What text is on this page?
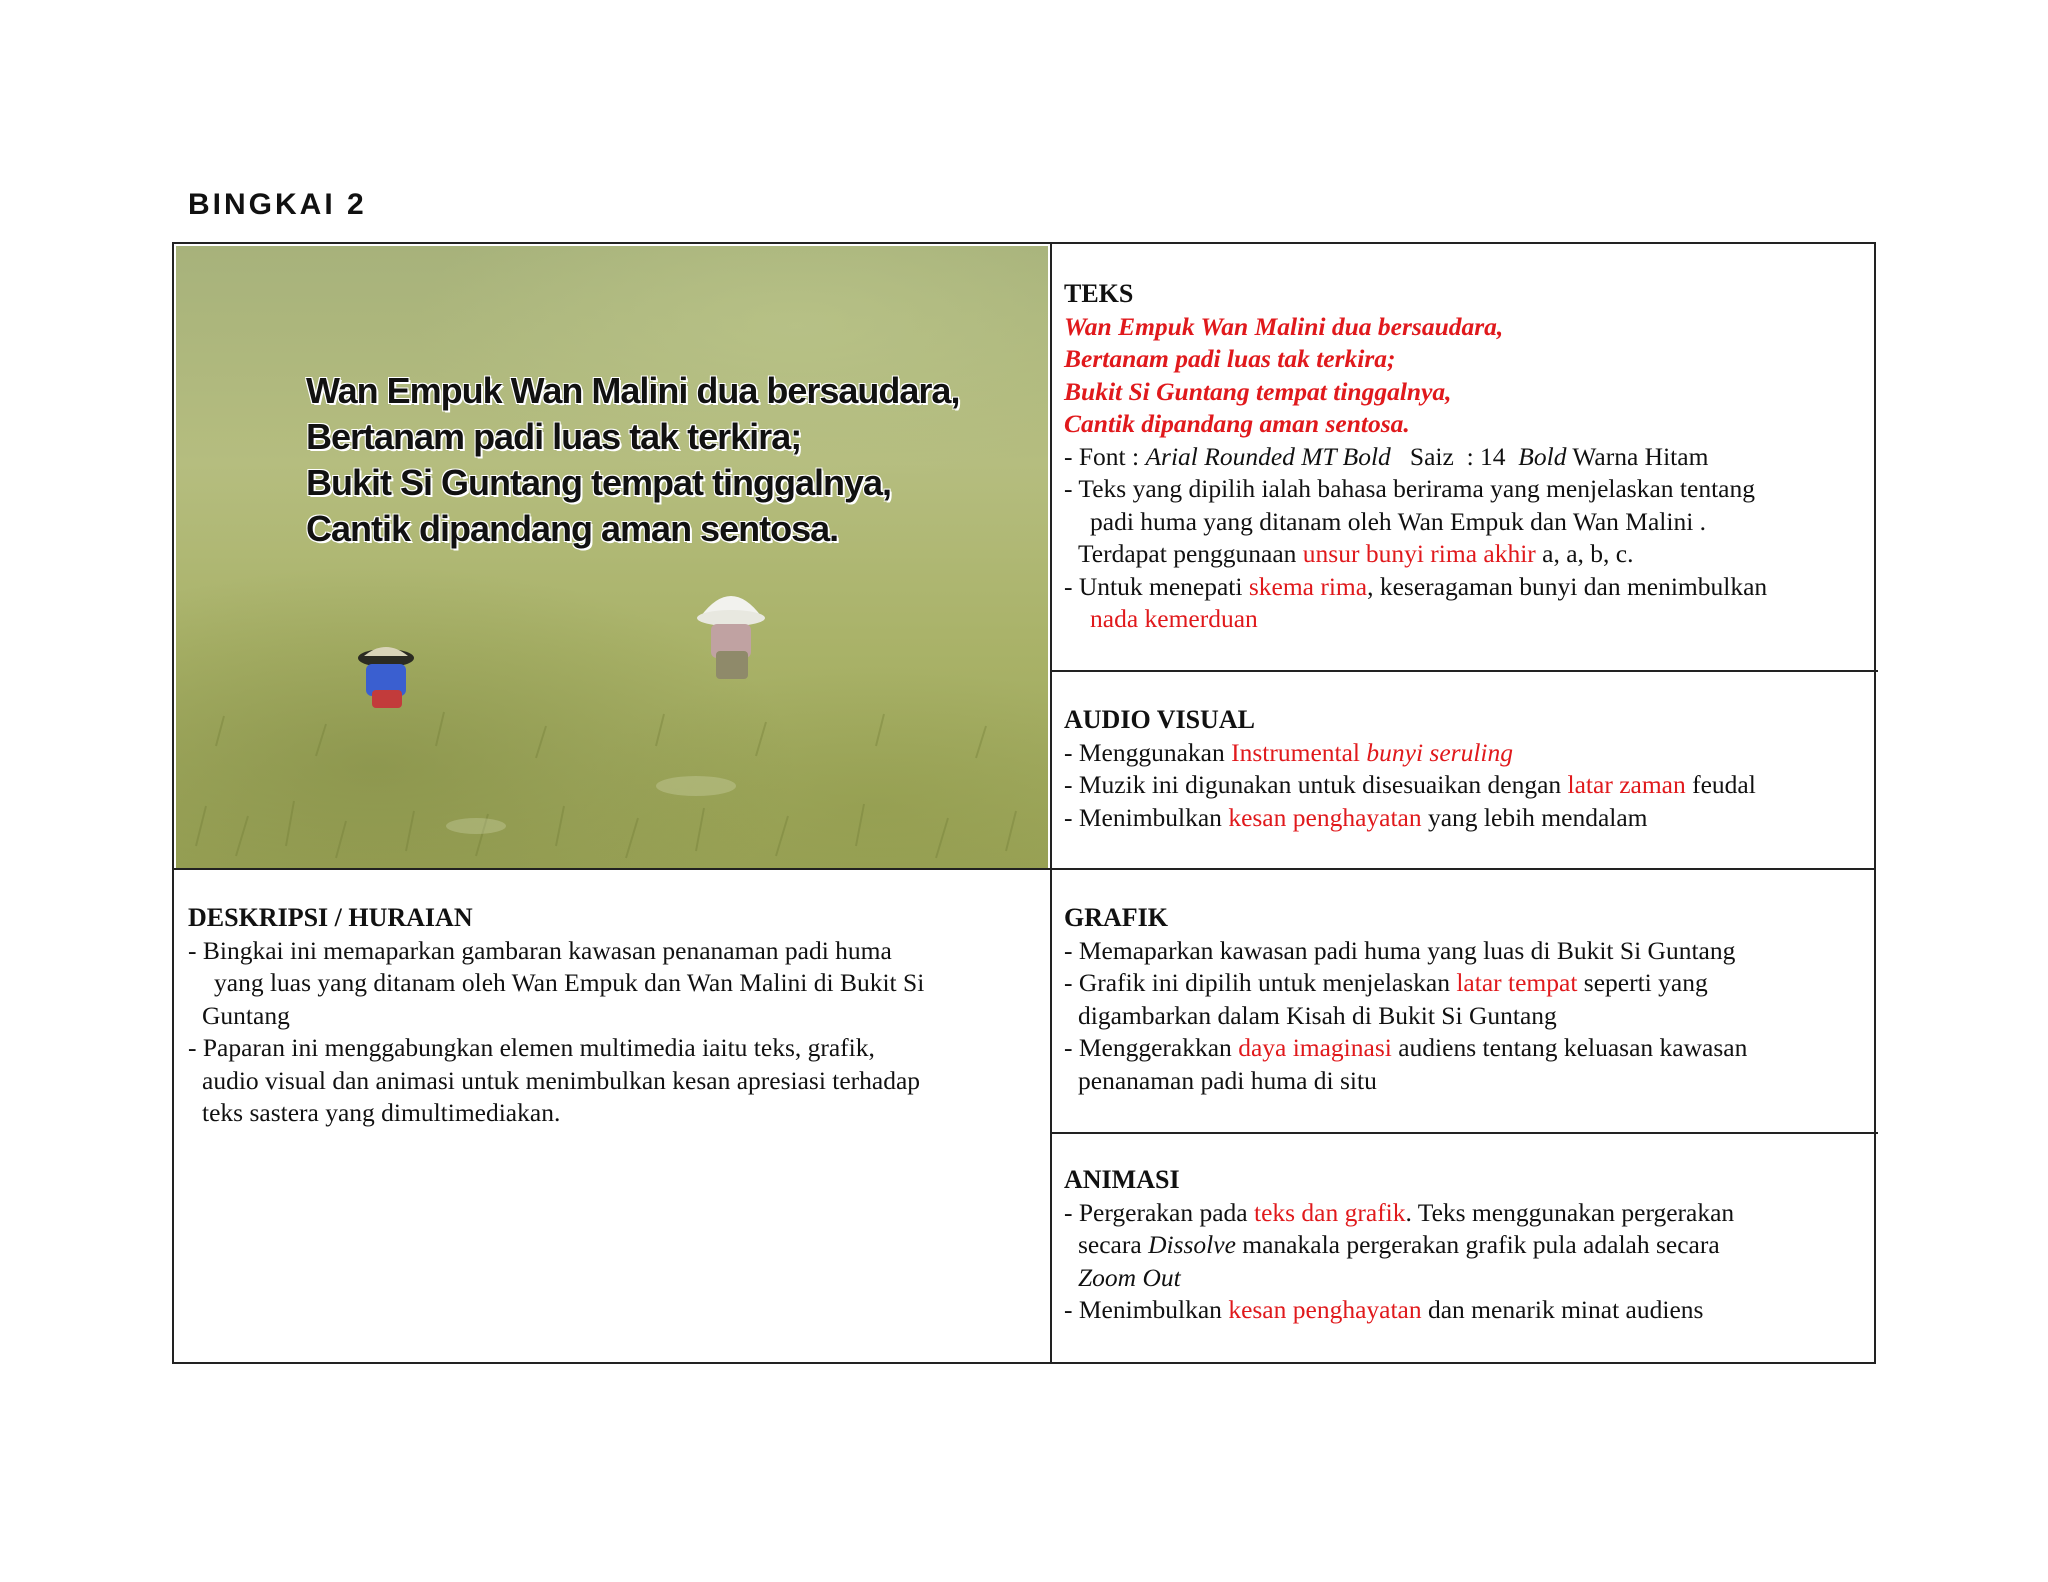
BINGKAI 2
Wan Empuk Wan Malini dua bersaudara,
Bertanam padi luas tak terkira;
Bukit Si Guntang tempat tinggalnya,
Cantik dipandang aman sentosa.
TEKS
Wan Empuk Wan Malini dua bersaudara,
Bertanam padi luas tak terkira;
Bukit Si Guntang tempat tinggalnya,
Cantik dipandang aman sentosa.
- Font : Arial Rounded MT Bold   Saiz  : 14  Bold Warna Hitam
- Teks yang dipilih ialah bahasa berirama yang menjelaskan tentang
padi huma yang ditanam oleh Wan Empuk dan Wan Malini .
Terdapat penggunaan unsur bunyi rima akhir a, a, b, c.
- Untuk menepati skema rima, keseragaman bunyi dan menimbulkan
nada kemerduan
AUDIO VISUAL
- Menggunakan Instrumental bunyi seruling
- Muzik ini digunakan untuk disesuaikan dengan latar zaman feudal
- Menimbulkan kesan penghayatan yang lebih mendalam
DESKRIPSI / HURAIAN
- Bingkai ini memaparkan gambaran kawasan penanaman padi huma
yang luas yang ditanam oleh Wan Empuk dan Wan Malini di Bukit Si
Guntang
- Paparan ini menggabungkan elemen multimedia iaitu teks, grafik,
audio visual dan animasi untuk menimbulkan kesan apresiasi terhadap
teks sastera yang dimultimediakan.
GRAFIK
- Memaparkan kawasan padi huma yang luas di Bukit Si Guntang
- Grafik ini dipilih untuk menjelaskan latar tempat seperti yang
digambarkan dalam Kisah di Bukit Si Guntang
- Menggerakkan daya imaginasi audiens tentang keluasan kawasan
penanaman padi huma di situ
ANIMASI
- Pergerakan pada teks dan grafik. Teks menggunakan pergerakan
secara Dissolve manakala pergerakan grafik pula adalah secara
Zoom Out
- Menimbulkan kesan penghayatan dan menarik minat audiens
